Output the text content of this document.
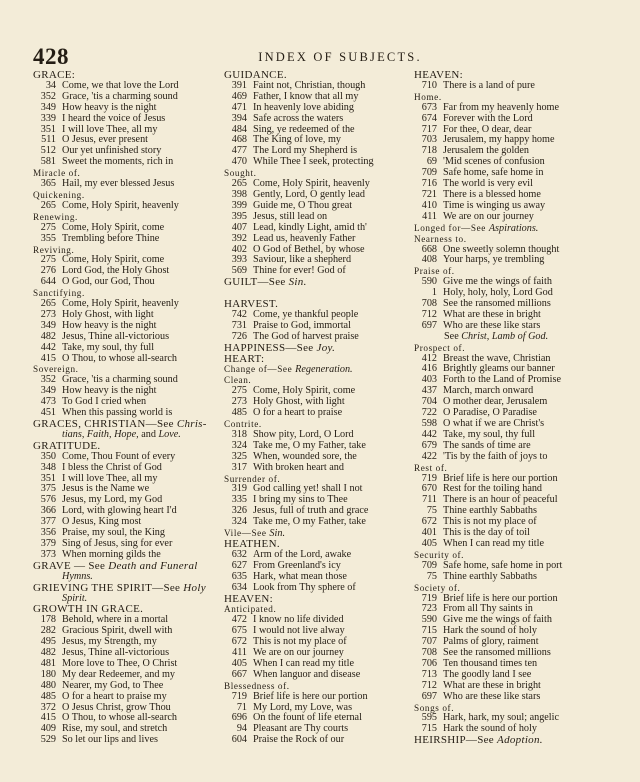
428	INDEX OF SUBJECTS.
GRACE:
34 Come, we that love the Lord
352 Grace, 'tis a charming sound
349 How heavy is the night
339 I heard the voice of Jesus
351 I will love Thee, all my
511 O Jesus, ever present
512 Our yet unfinished story
581 Sweet the moments, rich in
Miracle of.
365 Hail, my ever blessed Jesus
Quickening.
265 Come, Holy Spirit, heavenly
Renewing.
275 Come, Holy Spirit, come
355 Trembling before Thine
Reviving.
275 Come, Holy Spirit, come
276 Lord God, the Holy Ghost
644 O God, our God, Thou
Sanctifying.
265 Come, Holy Spirit, heavenly
273 Holy Ghost, with light
349 How heavy is the night
482 Jesus, Thine all-victorious
442 Take, my soul, thy full
415 O Thou, to whose all-search
Sovereign.
352 Grace, 'tis a charming sound
349 How heavy is the night
473 To God I cried when
451 When this passing world is
GRACES, CHRISTIAN—See Chris-
tians, Faith, Hope, and Love.
GRATITUDE.
350 Come, Thou Fount of every
348 I bless the Christ of God
351 I will love Thee, all my
375 Jesus is the Name we
576 Jesus, my Lord, my God
366 Lord, with glowing heart I'd
377 O Jesus, King most
356 Praise, my soul, the King
379 Sing of Jesus, sing for ever
373 When morning gilds the
GRAVE — See Death and Funeral
Hymns.
GRIEVING THE SPIRIT—See Holy
Spirit.
GROWTH IN GRACE.
178 Behold, where in a mortal
282 Gracious Spirit, dwell with
495 Jesus, my Strength, my
482 Jesus, Thine all-victorious
481 More love to Thee, O Christ
180 My dear Redeemer, and my
480 Nearer, my God, to Thee
485 O for a heart to praise my
372 O Jesus Christ, grow Thou
415 O Thou, to whose all-search
409 Rise, my soul, and stretch
529 So let our lips and lives
GUIDANCE.
391 Faint not, Christian, though
469 Father, I know that all my
471 In heavenly love abiding
394 Safe across the waters
484 Sing, ye redeemed of the
468 The King of love, my
477 The Lord my Shepherd is
470 While Thee I seek, protecting
Sought.
265 Come, Holy Spirit, heavenly
398 Gently, Lord, O gently lead
399 Guide me, O Thou great
395 Jesus, still lead on
407 Lead, kindly Light, amid th'
392 Lead us, heavenly Father
402 O God of Bethel, by whose
393 Saviour, like a shepherd
569 Thine for ever! God of
GUILT—See Sin.
HARVEST.
742 Come, ye thankful people
731 Praise to God, immortal
726 The God of harvest praise
HAPPINESS—See Joy.
HEART:
Change of—See Regeneration.
Clean.
275 Come, Holy Spirit, come
273 Holy Ghost, with light
485 O for a heart to praise
Contrite.
318 Show pity, Lord, O Lord
324 Take me, O my Father, take
325 When, wounded sore, the
317 With broken heart and
Surrender of.
319 God calling yet! shall I not
335 I bring my sins to Thee
326 Jesus, full of truth and grace
324 Take me, O my Father, take
Vile—See Sin.
HEATHEN.
632 Arm of the Lord, awake
627 From Greenland's icy
635 Hark, what mean those
634 Look from Thy sphere of
HEAVEN:
Anticipated.
472 I know no life divided
675 I would not live alway
672 This is not my place of
411 We are on our journey
405 When I can read my title
667 When languor and disease
Blessedness of.
719 Brief life is here our portion
71 My Lord, my Love, was
696 On the fount of life eternal
94 Pleasant are Thy courts
604 Praise the Rock of our
HEAVEN:
710 There is a land of pure
Home.
673 Far from my heavenly home
674 Forever with the Lord
717 For thee, O dear, dear
703 Jerusalem, my happy home
718 Jerusalem the golden
69 'Mid scenes of confusion
709 Safe home, safe home in
716 The world is very evil
721 There is a blessed home
410 Time is winging us away
411 We are on our journey
Longed for—See Aspirations.
Nearness to.
668 One sweetly solemn thought
408 Your harps, ye trembling
Praise of.
590 Give me the wings of faith
1 Holy, holy, holy, Lord God
708 See the ransomed millions
712 What are these in bright
697 Who are these like stars
See Christ, Lamb of God.
Prospect of.
412 Breast the wave, Christian
416 Brightly gleams our banner
403 Forth to the Land of Promise
437 March, march onward
704 O mother dear, Jerusalem
722 O Paradise, O Paradise
598 O what if we are Christ's
442 Take, my soul, thy full
679 The sands of time are
422 'Tis by the faith of joys to
Rest of.
719 Brief life is here our portion
670 Rest for the toiling hand
711 There is an hour of peaceful
75 Thine earthly Sabbaths
672 This is not my place of
401 This is the day of toil
405 When I can read my title
Security of.
709 Safe home, safe home in port
75 Thine earthly Sabbaths
Society of.
719 Brief life is here our portion
723 From all Thy saints in
590 Give me the wings of faith
715 Hark the sound of holy
707 Palms of glory, raiment
708 See the ransomed millions
706 Ten thousand times ten
713 The goodly land I see
712 What are these in bright
697 Who are these like stars
Songs of.
595 Hark, hark, my soul; angelic
715 Hark the sound of holy
HEIRSHIP—See Adoption.
